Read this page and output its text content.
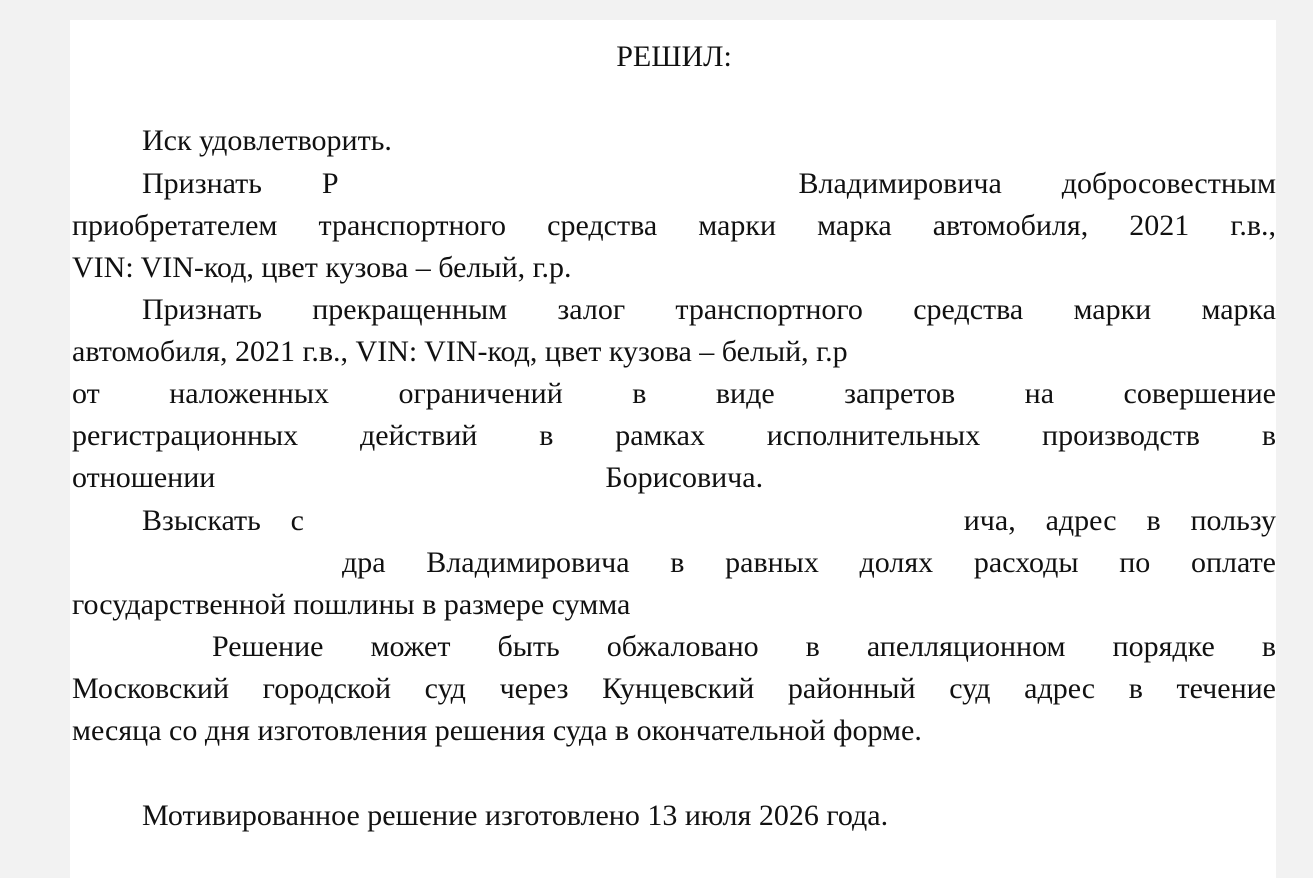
РЕШИЛ:
Иск удовлетворить.
Признать Р	Владимировича добросовестным
приобретателем транспортного средства марки марка автомобиля, 2021 г.в.,
VIN: VIN-код, цвет кузова – белый, г.р.
Признать прекращенным залог транспортного средства марки марка
автомобиля, 2021 г.в., VIN: VIN-код, цвет кузова – белый, г.р
от наложенных ограничений в виде запретов на совершение
регистрационных действий в рамках исполнительных производств в
отношении	Борисовича.
Взыскать с	ича, адрес в пользу
дра Владимировича в равных долях расходы по оплате
государственной пошлины в размере сумма
Решение может быть обжаловано в апелляционном порядке в
Московский городской суд через Кунцевский районный суд адрес в течение
месяца со дня изготовления решения суда в окончательной форме.
Мотивированное решение изготовлено 13 июля 2026 года.
